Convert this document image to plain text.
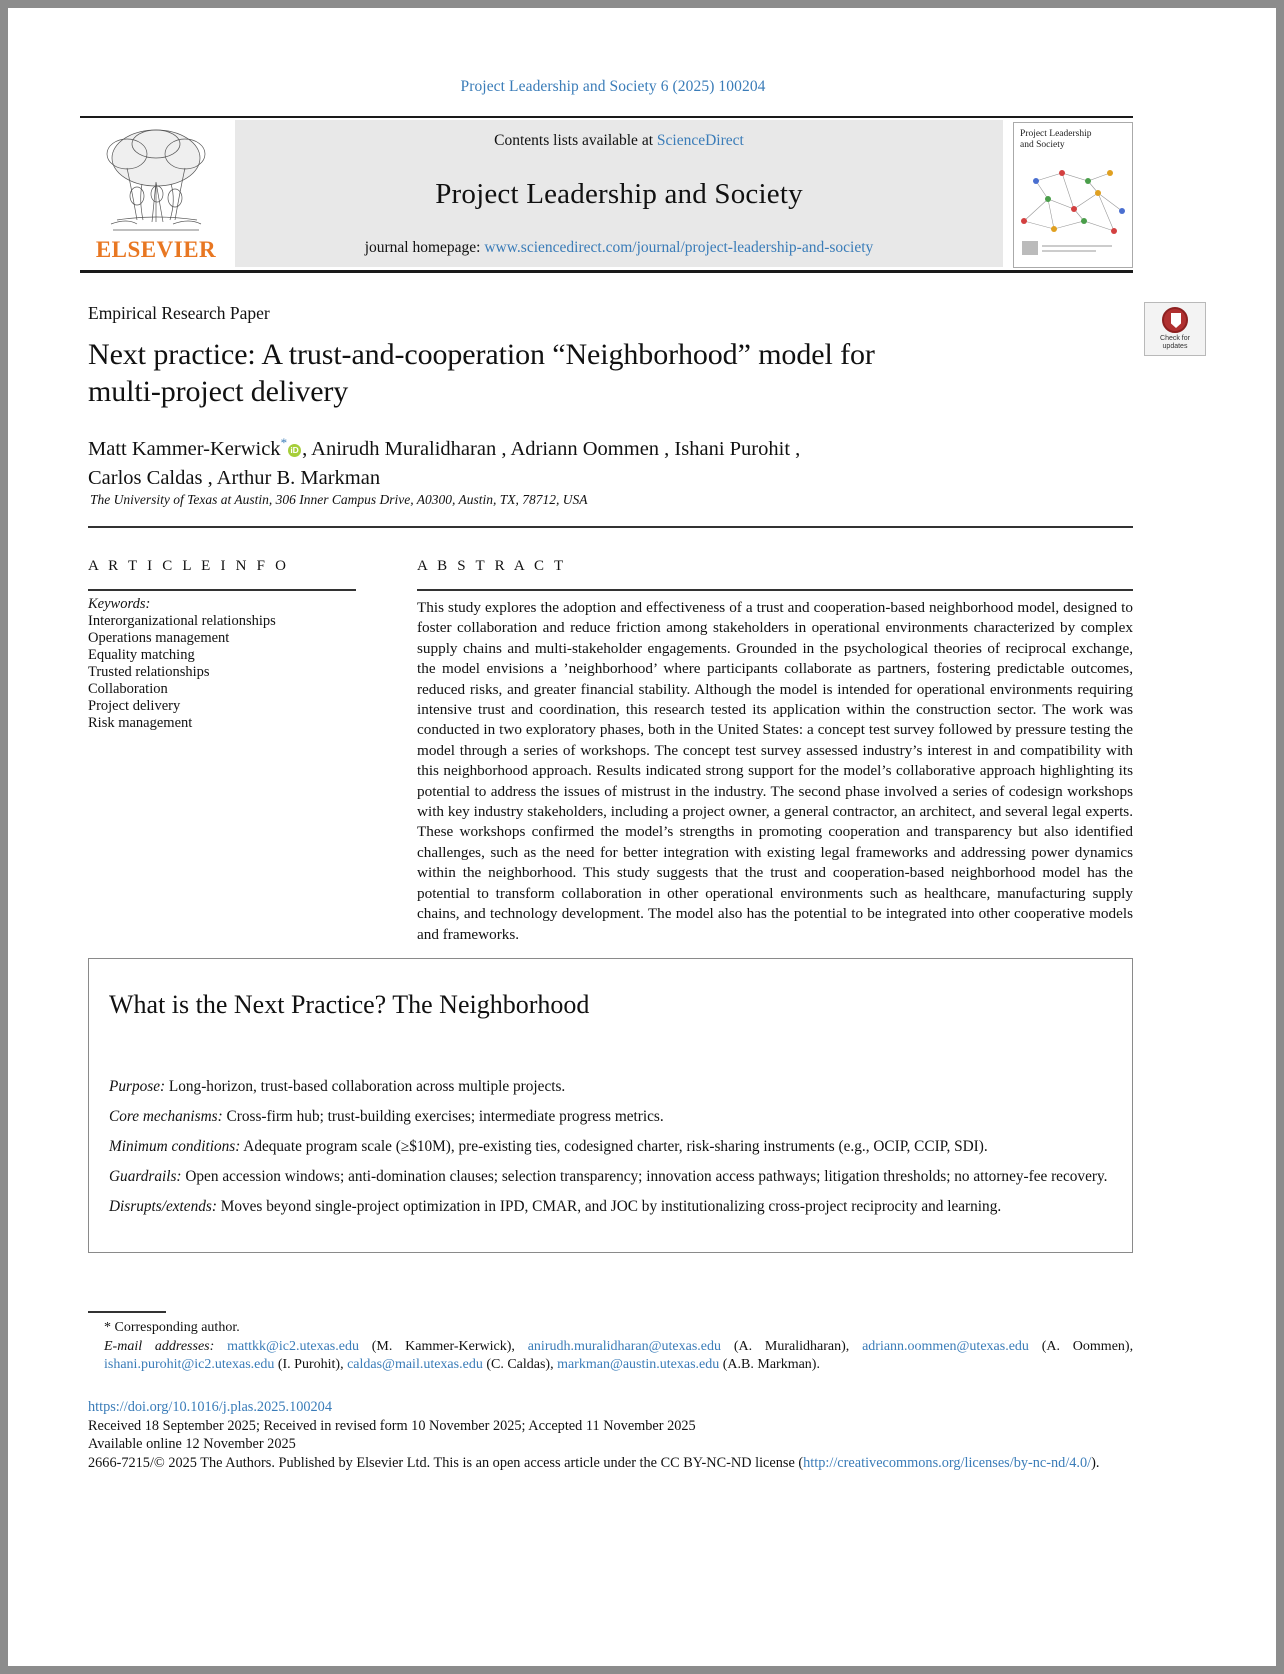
Project Leadership and Society 6 (2025) 100204
ELSEVIER
Contents lists available at ScienceDirect
Project Leadership and Society
journal homepage: www.sciencedirect.com/journal/project-leadership-and-society
Project Leadership
and Society
Check for
updates
Empirical Research Paper
Next practice: A trust-and-cooperation “Neighborhood” model for multi-project delivery
Matt Kammer-Kerwick* iD , Anirudh Muralidharan , Adriann Oommen , Ishani Purohit ,
Carlos Caldas , Arthur B. Markman
The University of Texas at Austin, 306 Inner Campus Drive, A0300, Austin, TX, 78712, USA
A R T I C L E I N F O	A B S T R A C T
Keywords:
Interorganizational relationships
Operations management
Equality matching
Trusted relationships
Collaboration
Project delivery
Risk management
This study explores the adoption and effectiveness of a trust and cooperation-based neighborhood model, designed to foster collaboration and reduce friction among stakeholders in operational environments characterized by complex supply chains and multi-stakeholder engagements. Grounded in the psychological theories of reciprocal exchange, the model envisions a ’neighborhood’ where participants collaborate as partners, fostering predictable outcomes, reduced risks, and greater financial stability. Although the model is intended for operational environments requiring intensive trust and coordination, this research tested its application within the construction sector. The work was conducted in two exploratory phases, both in the United States: a concept test survey followed by pressure testing the model through a series of workshops. The concept test survey assessed industry’s interest in and compatibility with this neighborhood approach. Results indicated strong support for the model’s collaborative approach highlighting its potential to address the issues of mistrust in the industry. The second phase involved a series of codesign workshops with key industry stakeholders, including a project owner, a general contractor, an architect, and several legal experts. These workshops confirmed the model’s strengths in promoting cooperation and transparency but also identified challenges, such as the need for better integration with existing legal frameworks and addressing power dynamics within the neighborhood. This study suggests that the trust and cooperation-based neighborhood model has the potential to transform collaboration in other operational environments such as healthcare, manufacturing supply chains, and technology development. The model also has the potential to be integrated into other cooperative models and frameworks.
What is the Next Practice? The Neighborhood

Purpose: Long-horizon, trust-based collaboration across multiple projects.

Core mechanisms: Cross-firm hub; trust-building exercises; intermediate progress metrics.

Minimum conditions: Adequate program scale (≥$10M), pre-existing ties, codesigned charter, risk-sharing instruments (e.g., OCIP, CCIP, SDI).

Guardrails: Open accession windows; anti-domination clauses; selection transparency; innovation access pathways; litigation thresholds; no attorney-fee recovery.

Disrupts/extends: Moves beyond single-project optimization in IPD, CMAR, and JOC by institutionalizing cross-project reciprocity and learning.

* Corresponding author.
E-mail addresses: mattkk@ic2.utexas.edu (M. Kammer-Kerwick), anirudh.muralidharan@utexas.edu (A. Muralidharan), adriann.oommen@utexas.edu (A. Oommen), ishani.purohit@ic2.utexas.edu (I. Purohit), caldas@mail.utexas.edu (C. Caldas), markman@austin.utexas.edu (A.B. Markman).
https://doi.org/10.1016/j.plas.2025.100204
Received 18 September 2025; Received in revised form 10 November 2025; Accepted 11 November 2025
Available online 12 November 2025
2666-7215/© 2025 The Authors. Published by Elsevier Ltd. This is an open access article under the CC BY-NC-ND license (http://creativecommons.org/licenses/by-nc-nd/4.0/).
